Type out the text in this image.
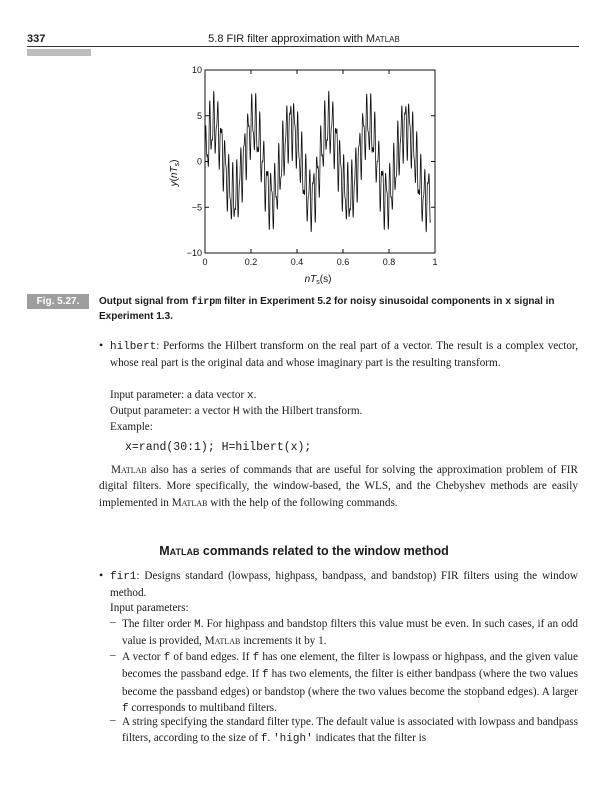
337	5.8 FIR filter approximation with Matlab
0	0.2	0.4	0.6	0.8	1
10
5
0
−5
−10
$y(nT_s)$
$nT_s(s)$
Fig. 5.27.	Output signal from firpm filter in Experiment 5.2 for noisy sinusoidal components in x signal in Experiment 1.3.
• hilbert: Performs the Hilbert transform on the real part of a vector. The result is a complex vector, whose real part is the original data and whose imaginary part is the resulting transform.
Input parameter: a data vector x.
Output parameter: a vector H with the Hilbert transform.
Example:
x=rand(30:1); H=hilbert(x);
Matlab also has a series of commands that are useful for solving the approximation problem of FIR digital filters. More specifically, the window-based, the WLS, and the Chebyshev methods are easily implemented in Matlab with the help of the following commands.
Matlab commands related to the window method
• fir1: Designs standard (lowpass, highpass, bandpass, and bandstop) FIR filters using the window method.
Input parameters:
– The filter order M. For highpass and bandstop filters this value must be even. In such cases, if an odd value is provided, Matlab increments it by 1.
– A vector f of band edges. If f has one element, the filter is lowpass or highpass, and the given value becomes the passband edge. If f has two elements, the filter is either bandpass (where the two values become the passband edges) or bandstop (where the two values become the stopband edges). A larger f corresponds to multiband filters.
– A string specifying the standard filter type. The default value is associated with lowpass and bandpass filters, according to the size of f. 'high' indicates that the filter is
